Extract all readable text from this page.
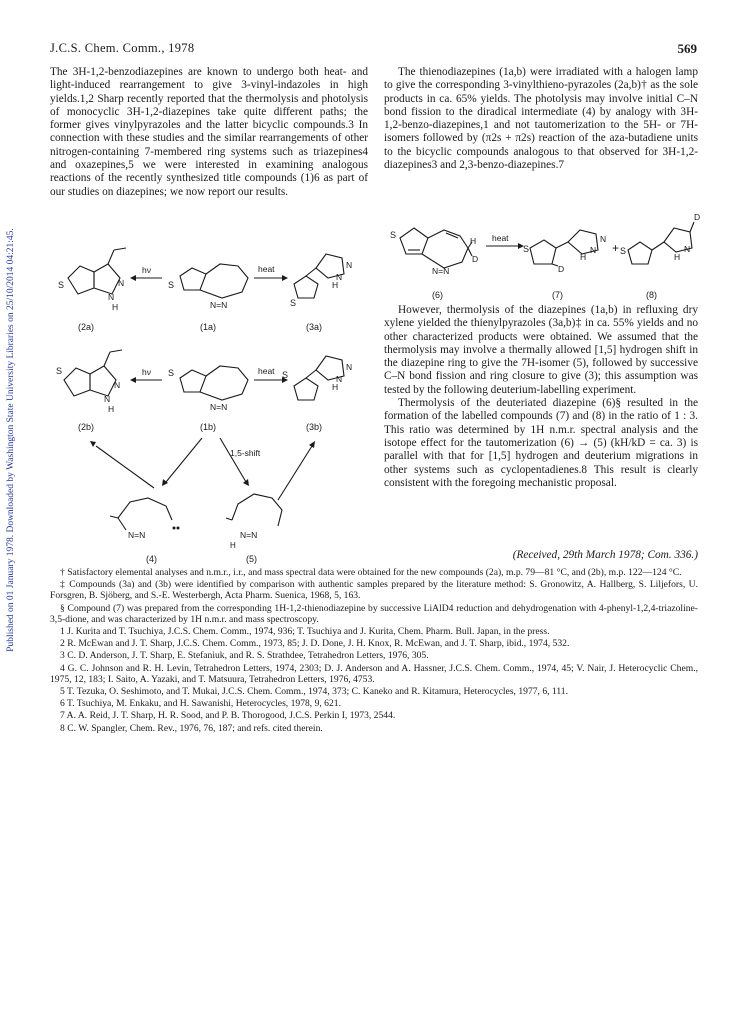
Published on 01 January 1978. Downloaded by Washington State University Libraries on 25/10/2014 04:21:45.
J.C.S. Chem. Comm., 1978	569

The 3H-1,2-benzodiazepines are known to undergo both heat- and light-induced rearrangement to give 3-vinyl-indazoles in high yields.1,2 Sharp recently reported that the thermolysis and photolysis of monocyclic 3H-1,2-diazepines take quite different paths; the former gives vinylpyrazoles and the latter bicyclic compounds.3 In connection with these studies and the similar rearrangements of other nitrogen-containing 7-membered ring systems such as triazepines4 and oxazepines,5 we were interested in examining analogous reactions of the recently synthesized title compounds (1)6 as part of our studies on diazepines; we now report our results.

The thienodiazepines (1a,b) were irradiated with a halogen lamp to give the corresponding 3-vinylthieno-pyrazoles (2a,b)† as the sole products in ca. 65% yields. The photolysis may involve initial C–N bond fission to the diradical intermediate (4) by analogy with 3H-1,2-benzo-diazepines,1 and not tautomerization to the 5H- or 7H-isomers followed by (π2s + π2s) reaction of the aza-butadiene units to the bicyclic compounds analogous to that observed for 3H-1,2-diazepines3 and 2,3-benzo-diazepines.7

S
N=N
H
D
heat
S	N
H
N
D
+ S	N
H
D
(6)	(7)	(8)

However, thermolysis of the diazepines (1a,b) in refluxing dry xylene yielded the thienylpyrazoles (3a,b)‡ in ca. 55% yields and no other characterized products were obtained. We assumed that the thermolysis may involve a thermally allowed [1,5] hydrogen shift in the diazepine ring to give the 7H-isomer (5), followed by successive C–N bond fission and ring closure to give (3); this assumption was tested by the following deuterium-labelling experiment.

Thermolysis of the deuteriated diazepine (6)§ resulted in the formation of the labelled compounds (7) and (8) in the ratio of 1 : 3. This ratio was determined by 1H n.m.r. spectral analysis and the isotope effect for the tautomerization (6) → (5) (kH/kD = ca. 3) is parallel with that for [1,5] hydrogen and deuterium migrations in other systems such as cyclopentadienes.8 This result is clearly consistent with the foregoing mechanistic proposal.

S	N
N
H
hν
S
N=N
heat
S
N
N
H
(2a)	(1a)	(3a)
S
N
N
H
hν S
N=N
heat S	N
N
H
(2b)	(1b)	(3b)
1,5-shift
N=N	N=N
H
(4)	(5)	(Received, 29th March 1978; Com. 336.)

† Satisfactory elemental analyses and n.m.r., i.r., and mass spectral data were obtained for the new compounds (2a), m.p. 79—81 °C, and (2b), m.p. 122—124 °C.

‡ Compounds (3a) and (3b) were identified by comparison with authentic samples prepared by the literature method: S. Gronowitz, A. Hallberg, S. Liljefors, U. Forsgren, B. Sjöberg, and S.-E. Westerbergh, Acta Pharm. Suenica, 1968, 5, 163.

§ Compound (7) was prepared from the corresponding 1H-1,2-thienodiazepine by successive LiAlD4 reduction and dehydrogenation with 4-phenyl-1,2,4-triazoline-3,5-dione, and was characterized by 1H n.m.r. and mass spectroscopy.

1 J. Kurita and T. Tsuchiya, J.C.S. Chem. Comm., 1974, 936; T. Tsuchiya and J. Kurita, Chem. Pharm. Bull. Japan, in the press.

2 R. McEwan and J. T. Sharp, J.C.S. Chem. Comm., 1973, 85; J. D. Done, J. H. Knox, R. McEwan, and J. T. Sharp, ibid., 1974, 532.

3 C. D. Anderson, J. T. Sharp, E. Stefaniuk, and R. S. Strathdee, Tetrahedron Letters, 1976, 305.

4 G. C. Johnson and R. H. Levin, Tetrahedron Letters, 1974, 2303; D. J. Anderson and A. Hassner, J.C.S. Chem. Comm., 1974, 45; V. Nair, J. Heterocyclic Chem., 1975, 12, 183; I. Saito, A. Yazaki, and T. Matsuura, Tetrahedron Letters, 1976, 4753.

5 T. Tezuka, O. Seshimoto, and T. Mukai, J.C.S. Chem. Comm., 1974, 373; C. Kaneko and R. Kitamura, Heterocycles, 1977, 6, 111.

6 T. Tsuchiya, M. Enkaku, and H. Sawanishi, Heterocycles, 1978, 9, 621.

7 A. A. Reid, J. T. Sharp, H. R. Sood, and P. B. Thorogood, J.C.S. Perkin I, 1973, 2544.

8 C. W. Spangler, Chem. Rev., 1976, 76, 187; and refs. cited therein.
